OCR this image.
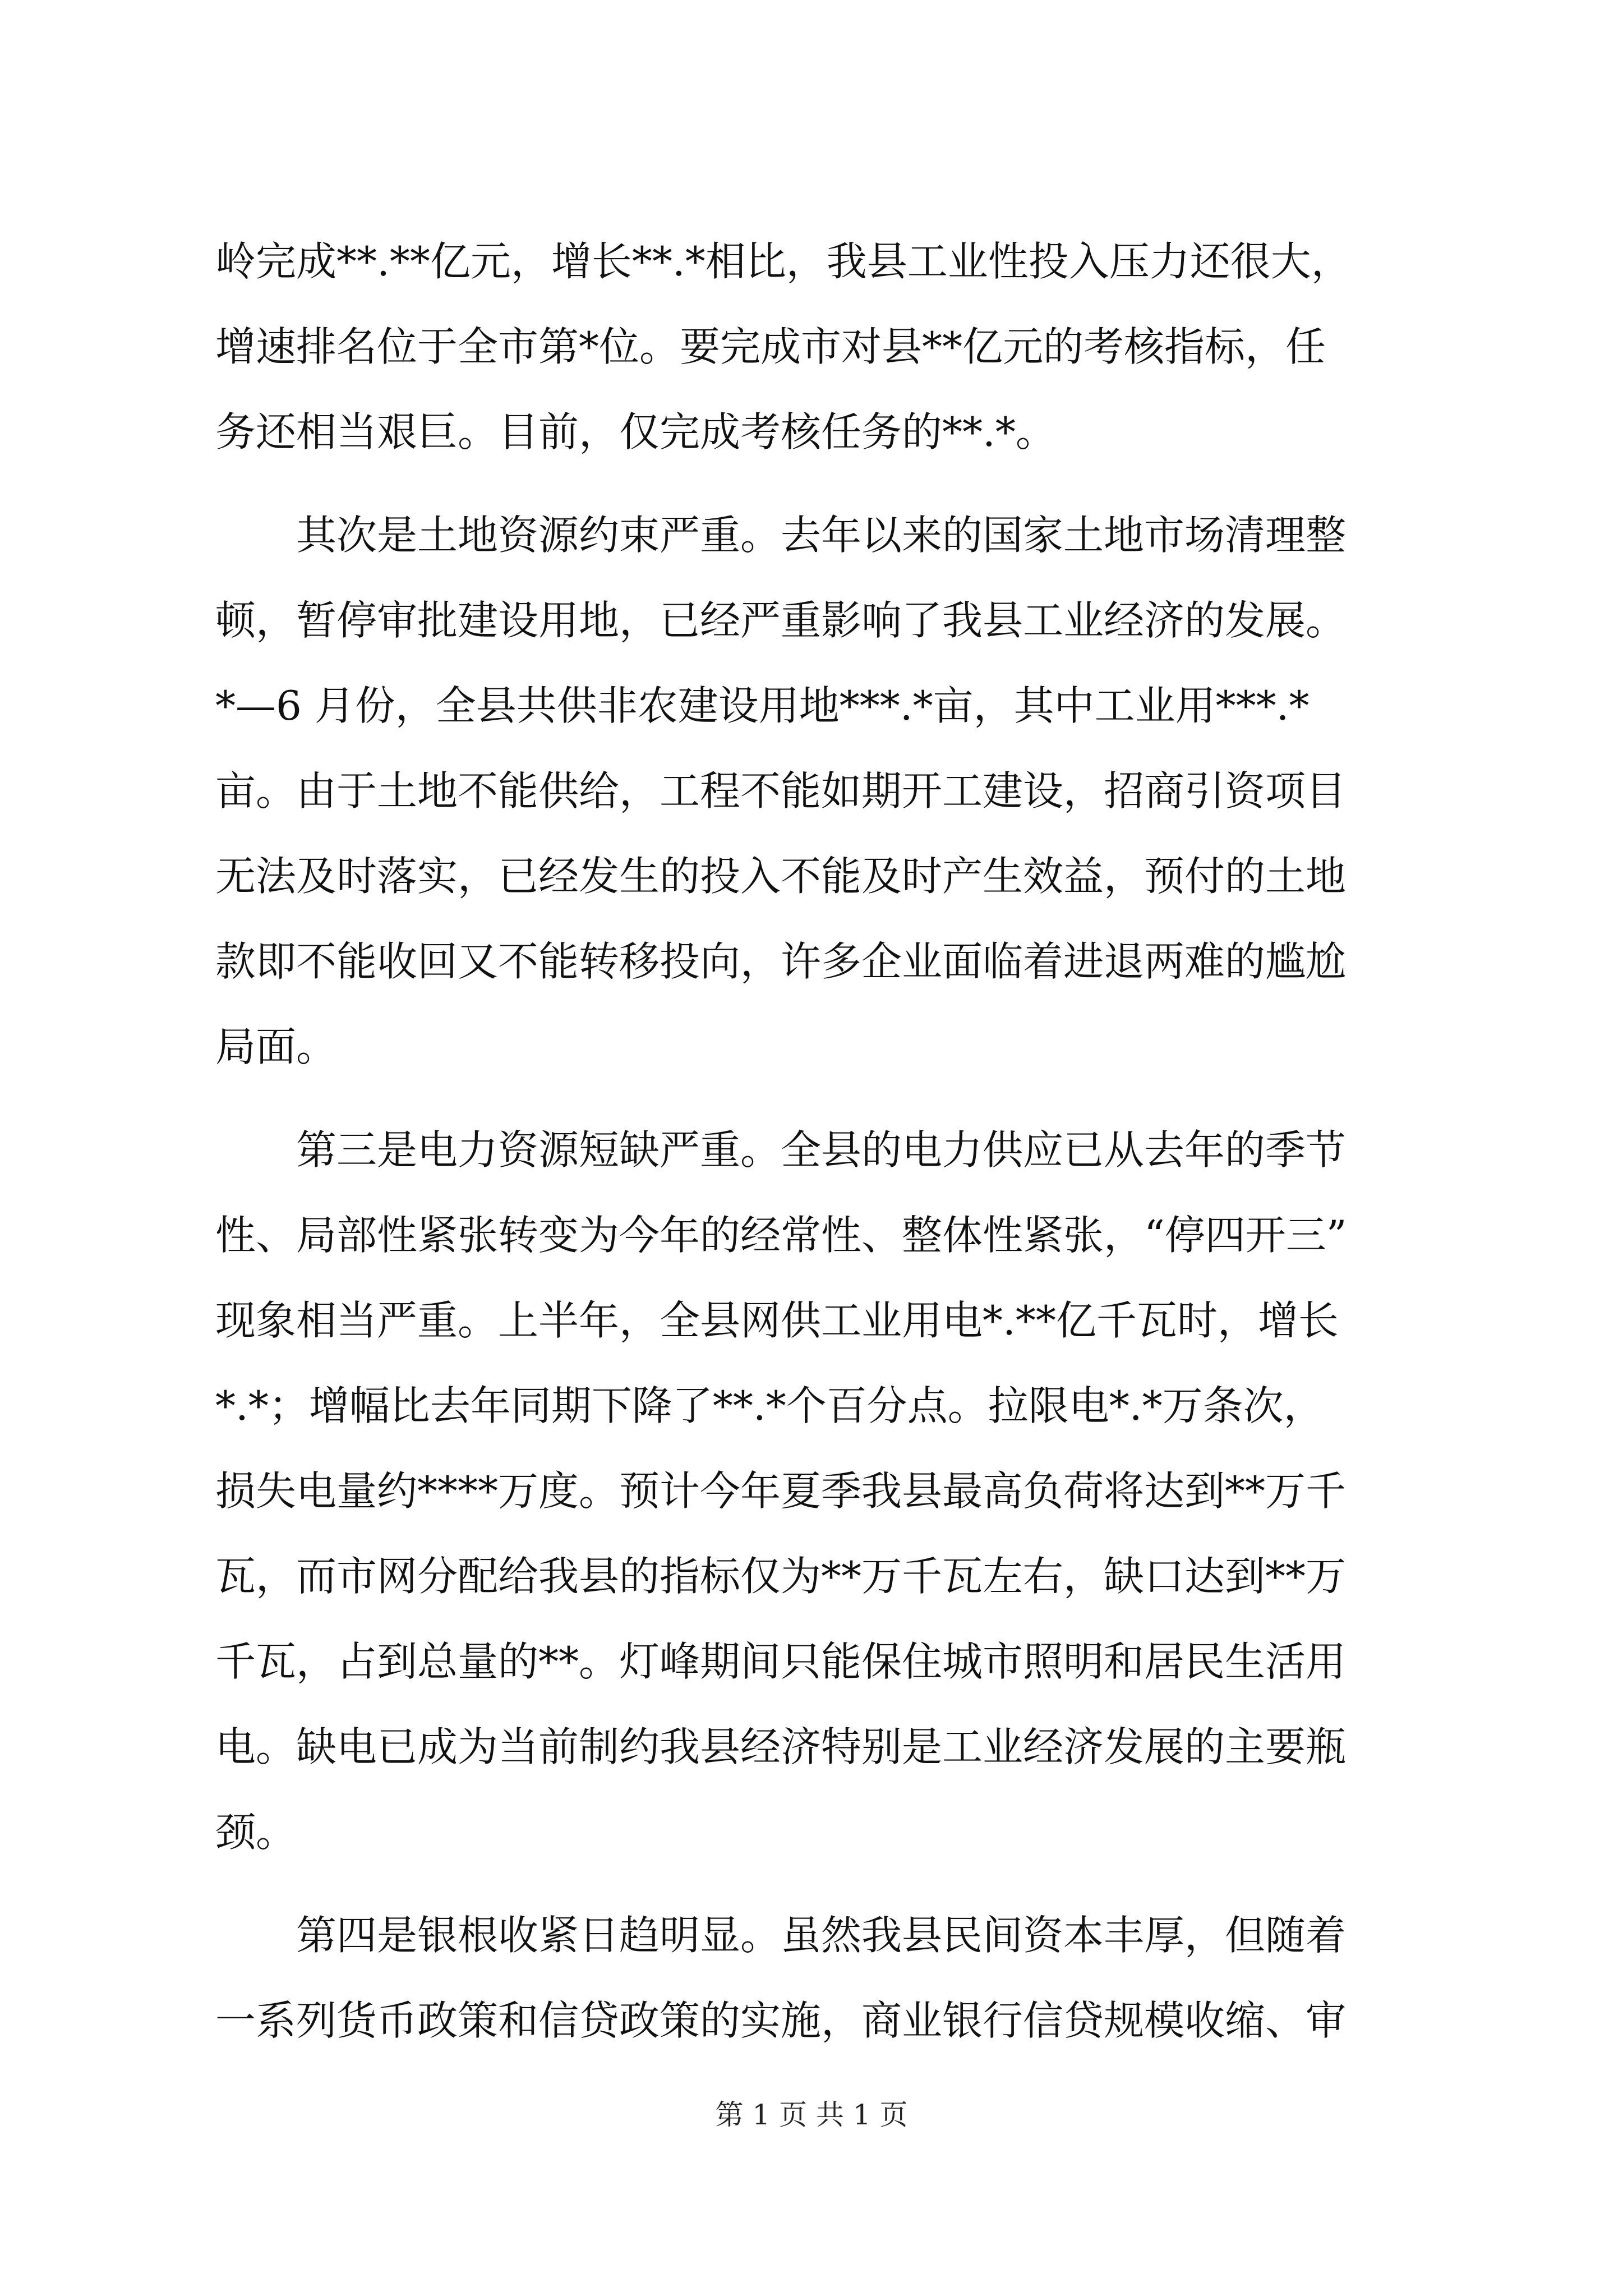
岭完成**.**亿元，增长**.*相比，我县工业性投入压力还很大，
增速排名位于全市第*位。要完成市对县**亿元的考核指标，任
务还相当艰巨。目前，仅完成考核任务的**.*。
　　其次是土地资源约束严重。去年以来的国家土地市场清理整
顿，暂停审批建设用地，已经严重影响了我县工业经济的发展。
*—6 月份，全县共供非农建设用地***.*亩，其中工业用***.*
亩。由于土地不能供给，工程不能如期开工建设，招商引资项目
无法及时落实，已经发生的投入不能及时产生效益，预付的土地
款即不能收回又不能转移投向，许多企业面临着进退两难的尴尬
局面。
　　第三是电力资源短缺严重。全县的电力供应已从去年的季节
性、局部性紧张转变为今年的经常性、整体性紧张，“停四开三”
现象相当严重。上半年，全县网供工业用电*.**亿千瓦时，增长
*.*；增幅比去年同期下降了**.*个百分点。拉限电*.*万条次，
损失电量约****万度。预计今年夏季我县最高负荷将达到**万千
瓦，而市网分配给我县的指标仅为**万千瓦左右，缺口达到**万
千瓦，占到总量的**。灯峰期间只能保住城市照明和居民生活用
电。缺电已成为当前制约我县经济特别是工业经济发展的主要瓶
颈。
　　第四是银根收紧日趋明显。虽然我县民间资本丰厚，但随着
一系列货币政策和信贷政策的实施，商业银行信贷规模收缩、审
第 1 页 共 1 页
